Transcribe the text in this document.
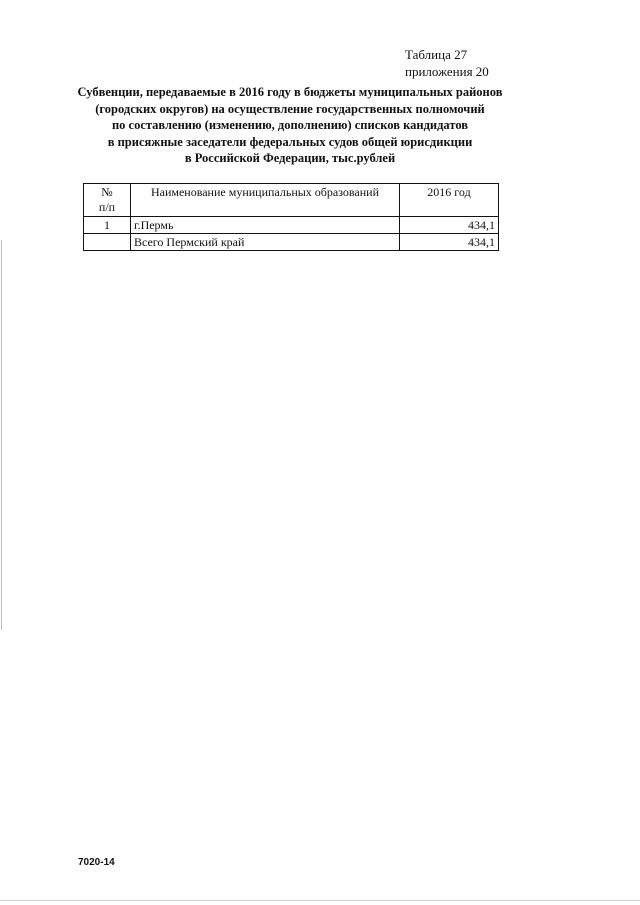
Таблица 27
приложения 20
Субвенции, передаваемые в 2016 году в бюджеты муниципальных районов
(городских округов) на осуществление государственных полномочий
по составлению (изменению, дополнению) списков кандидатов
в присяжные заседатели федеральных судов общей юрисдикции
в Российской Федерации, тыс.рублей
№
п/п	Наименование муниципальных образований	2016 год
1	г.Пермь	434,1
	Всего Пермский край	434,1
7020-14
